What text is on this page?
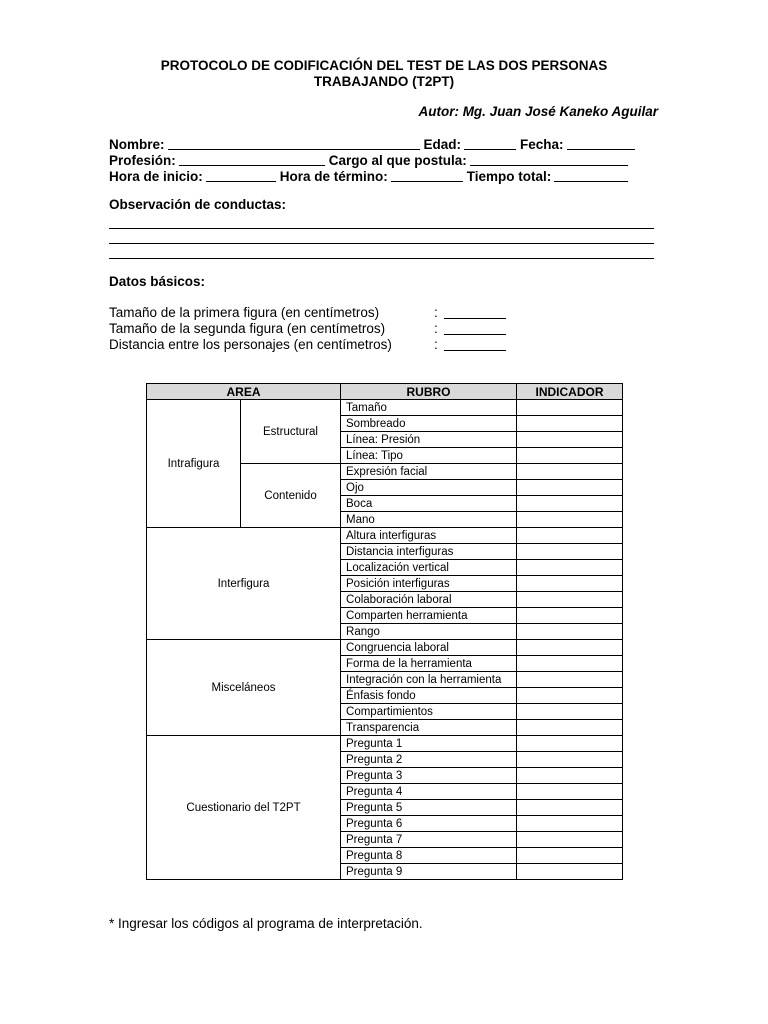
PROTOCOLO DE CODIFICACIÓN DEL TEST DE LAS DOS PERSONAS
TRABAJANDO (T2PT)
Autor: Mg. Juan José Kaneko Aguilar
Nombre:	Edad:	Fecha:
Profesión:	Cargo al que postula:
Hora de inicio:	Hora de término:	Tiempo total:
Observación de conductas:
Datos básicos:
Tamaño de la primera figura (en centímetros)	:
Tamaño de la segunda figura (en centímetros)	:
Distancia entre los personajes (en centímetros)	:
AREA		RUBRO	INDICADOR
Intrafigura	Estructural	Tamaño	
		Sombreado	
		Línea: Presión	
		Línea: Tipo	
	Contenido	Expresión facial	
		Ojo	
		Boca	
		Mano	
Interfigura		Altura interfiguras	
		Distancia interfiguras	
		Localización vertical	
		Posición interfiguras	
		Colaboración laboral	
		Comparten herramienta	
		Rango	
Misceláneos		Congruencia laboral	
		Forma de la herramienta	
		Integración con la herramienta	
		Énfasis fondo	
		Compartimientos	
		Transparencia	
Cuestionario del T2PT		Pregunta 1	
		Pregunta 2	
		Pregunta 3	
		Pregunta 4	
		Pregunta 5	
		Pregunta 6	
		Pregunta 7	
		Pregunta 8	
		Pregunta 9	
* Ingresar los códigos al programa de interpretación.
